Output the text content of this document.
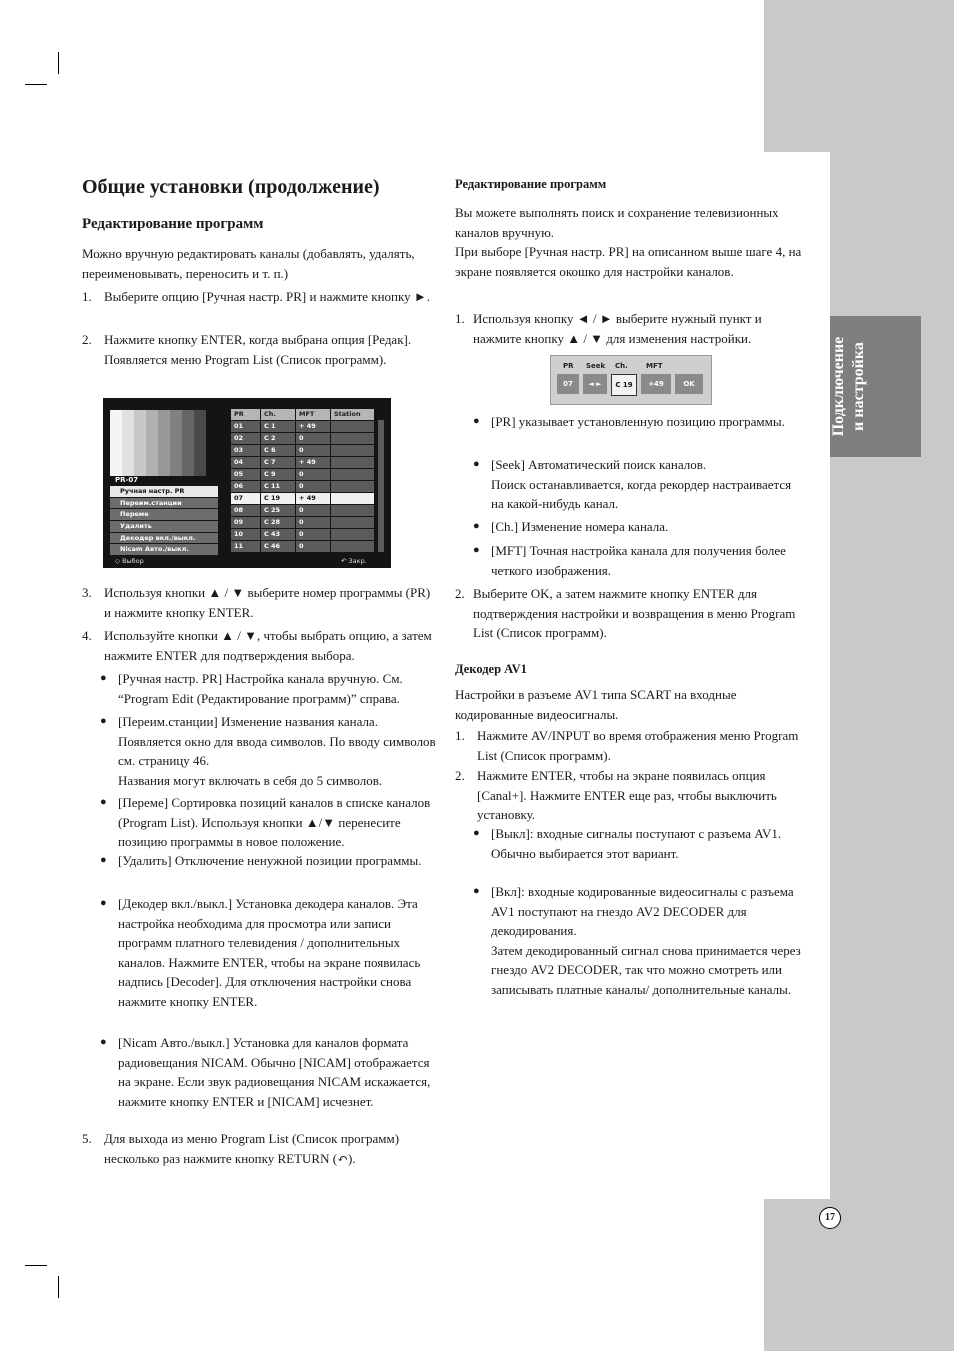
Подключение и настройка
17
Общие установки (продолжение)
Редактирование программ
Можно вручную редактировать каналы (добавлять, удалять, переименовывать, переносить и т. п.)
1. Выберите опцию [Ручная настр. PR] и нажмите кнопку ►.
2. Нажмите кнопку ENTER, когда выбрана опция [Редак].
Появляется меню Program List (Список программ).
PR-07
Ручная настр. PR
Переим.станции
Переме
Удалить
Декодер вкл./выкл.
Nicam Авто./выкл.
PR	Ch.	MFT	Station
01	C 1	+ 49
02	C 2	0
03	C 6	0
04	C 7	+ 49
05	C 9	0
06	C 11	0
07	C 19	+ 49
08	C 25	0
09	C 28	0
10	C 43	0
11	C 46	0
◇ Выбор	↶ Закр.
3. Используя кнопки ▲ / ▼ выберите номер программы (PR) и нажмите кнопку ENTER.
4. Используйте кнопки ▲ / ▼, чтобы выбрать опцию, а затем нажмите ENTER для подтверждения выбора.
● [Ручная настр. PR] Настройка канала вручную. См. “Program Edit (Редактирование программ)” справа.
● [Переим.станции] Изменение названия канала. Появляется окно для ввода символов. По вводу символов см. страницу 46.
Названия могут включать в себя до 5 символов.
● [Переме] Сортировка позиций каналов в списке каналов (Program List). Используя кнопки ▲/▼ перенесите позицию программы в новое положение.
● [Удалить] Отключение ненужной позиции программы.
● [Декодер вкл./выкл.] Установка декодера каналов. Эта настройка необходима для просмотра или записи программ платного телевидения / дополнительных каналов. Нажмите ENTER, чтобы на экране появилась надпись [Decoder]. Для отключения настройки снова нажмите кнопку ENTER.
● [Nicam Авто./выкл.] Установка для каналов формата радиовещания NICAM. Обычно [NICAM] отображается на экране. Если звук радиовещания NICAM искажается, нажмите кнопку ENTER и [NICAM] исчезнет.
5. Для выхода из меню Program List (Список программ) несколько раз нажмите кнопку RETURN (↶).
Редактирование программ
Вы можете выполнять поиск и сохранение телевизионных каналов вручную.
При выборе [Ручная настр. PR] на описанном выше шаге 4, на экране появляется окошко для настройки каналов.
1. Используя кнопку ◄ / ► выберите нужный пункт и нажмите кнопку ▲ / ▼ для изменения настройки.
PR Seek Ch.	MFT
07	◄ ►	C 19	+49	OK
● [PR] указывает установленную позицию программы.
● [Seek] Автоматический поиск каналов.
Поиск останавливается, когда рекордер настраивается на какой-нибудь канал.
● [Ch.] Изменение номера канала.
● [MFT] Точная настройка канала для получения более четкого изображения.
2. Выберите OK, а затем нажмите кнопку ENTER для подтверждения настройки и возвращения в меню Program List (Список программ).
Декодер AV1
Настройки в разъеме AV1 типа SCART на входные кодированные видеосигналы.
1. Нажмите AV/INPUT во время отображения меню Program List (Список программ).
2. Нажмите ENTER, чтобы на экране появилась опция [Canal+]. Нажмите ENTER еще раз, чтобы выключить установку.
● [Выкл]: входные сигналы поступают с разъема AV1.
Обычно выбирается этот вариант.
● [Вкл]: входные кодированные видеосигналы с разъема AV1 поступают на гнездо AV2 DECODER для декодирования.
Затем декодированный сигнал снова принимается через гнездо AV2 DECODER, так что можно смотреть или записывать платные каналы/ дополнительные каналы.
